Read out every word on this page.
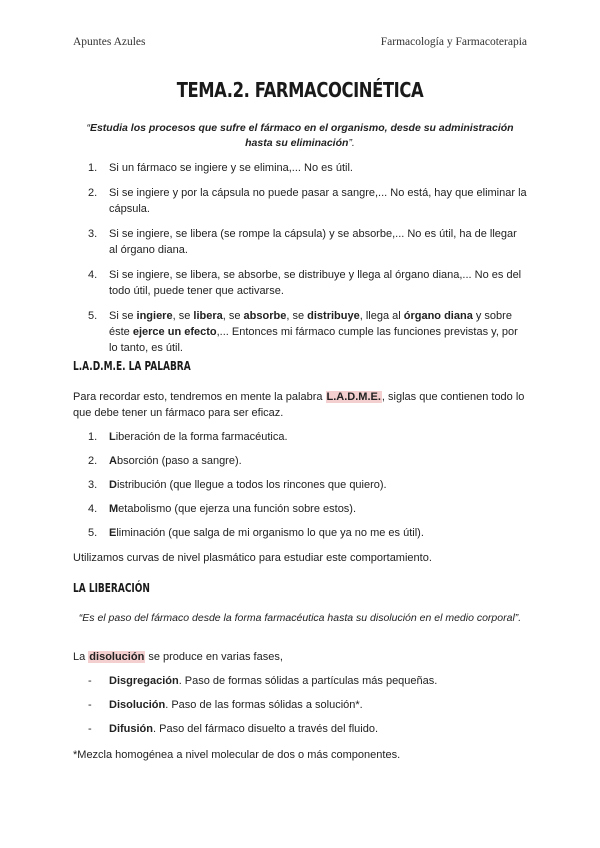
Apuntes Azules	Farmacología y Farmacoterapia
TEMA.2. FARMACOCINÉTICA
“Estudia los procesos que sufre el fármaco en el organismo, desde su administración hasta su eliminación”.
1.	Si un fármaco se ingiere y se elimina,... No es útil.
2.	Si se ingiere y por la cápsula no puede pasar a sangre,... No está, hay que eliminar la cápsula.
3.	Si se ingiere, se libera (se rompe la cápsula) y se absorbe,... No es útil, ha de llegar al órgano diana.
4.	Si se ingiere, se libera, se absorbe, se distribuye y llega al órgano diana,... No es del todo útil, puede tener que activarse.
5.	Si se ingiere, se libera, se absorbe, se distribuye, llega al órgano diana y sobre éste ejerce un efecto,... Entonces mi fármaco cumple las funciones previstas y, por lo tanto, es útil.
L.A.D.M.E. LA PALABRA
Para recordar esto, tendremos en mente la palabra L.A.D.M.E., siglas que contienen todo lo que debe tener un fármaco para ser eficaz.
1.	Liberación de la forma farmacéutica.
2.	Absorción (paso a sangre).
3.	Distribución (que llegue a todos los rincones que quiero).
4.	Metabolismo (que ejerza una función sobre estos).
5.	Eliminación (que salga de mi organismo lo que ya no me es útil).
Utilizamos curvas de nivel plasmático para estudiar este comportamiento.
LA LIBERACIÓN
“Es el paso del fármaco desde la forma farmacéutica hasta su disolución en el medio corporal”.
La disolución se produce en varias fases,
-	Disgregación. Paso de formas sólidas a partículas más pequeñas.
-	Disolución. Paso de las formas sólidas a solución*.
-	Difusión. Paso del fármaco disuelto a través del fluido.
*Mezcla homogénea a nivel molecular de dos o más componentes.
